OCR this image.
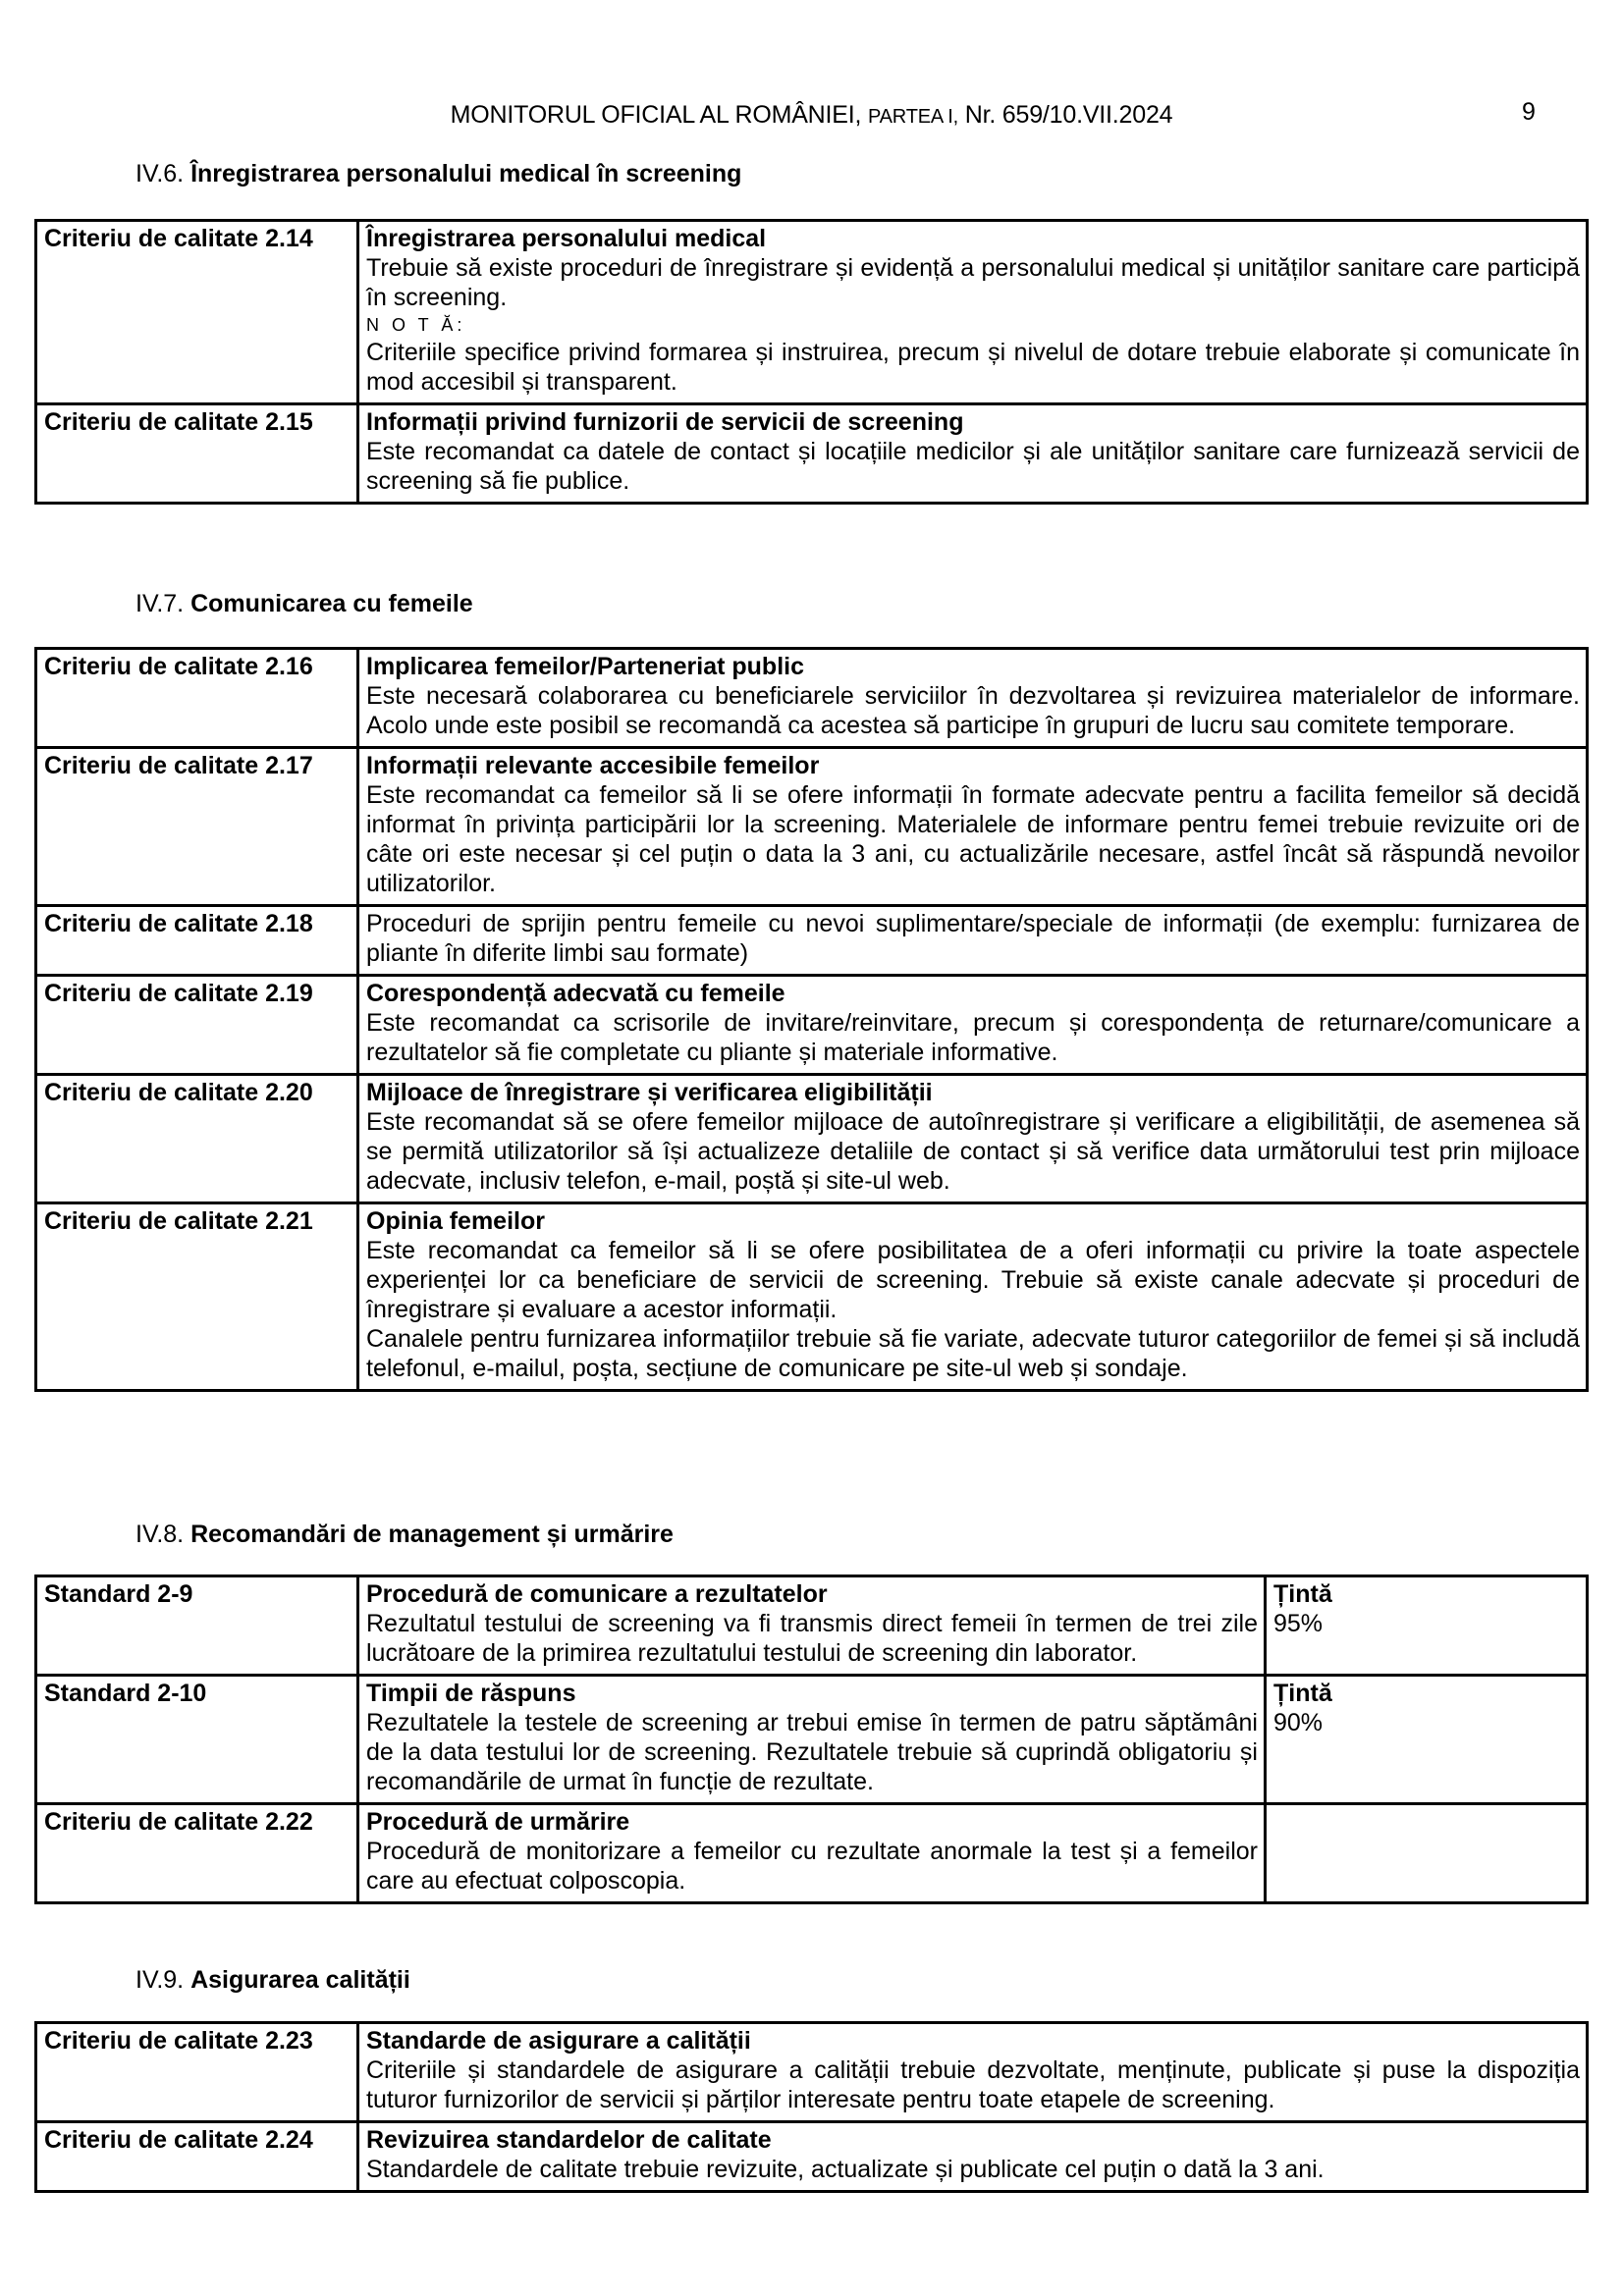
MONITORUL OFICIAL AL ROMÂNIEI, PARTEA I, Nr. 659/10.VII.2024	9
IV.6. Înregistrarea personalului medical în screening
Criteriu de calitate 2.14	Înregistrarea personalului medical
Trebuie să existe proceduri de înregistrare și evidență a personalului medical și unităților sanitare care participă în screening.
N O T Ă:
Criteriile specifice privind formarea și instruirea, precum și nivelul de dotare trebuie elaborate și comunicate în mod accesibil și transparent.

Criteriu de calitate 2.15	Informații privind furnizorii de servicii de screening
Este recomandat ca datele de contact și locațiile medicilor și ale unităților sanitare care furnizează servicii de screening să fie publice.
IV.7. Comunicarea cu femeile
Criteriu de calitate 2.16	Implicarea femeilor/Parteneriat public
Este necesară colaborarea cu beneficiarele serviciilor în dezvoltarea și revizuirea materialelor de informare. Acolo unde este posibil se recomandă ca acestea să participe în grupuri de lucru sau comitete temporare.

Criteriu de calitate 2.17	Informații relevante accesibile femeilor
Este recomandat ca femeilor să li se ofere informații în formate adecvate pentru a facilita femeilor să decidă informat în privința participării lor la screening. Materialele de informare pentru femei trebuie revizuite ori de câte ori este necesar și cel puțin o data la 3 ani, cu actualizările necesare, astfel încât să răspundă nevoilor utilizatorilor.

Criteriu de calitate 2.18	Proceduri de sprijin pentru femeile cu nevoi suplimentare/speciale de informații (de exemplu: furnizarea de pliante în diferite limbi sau formate)

Criteriu de calitate 2.19	Corespondență adecvată cu femeile
Este recomandat ca scrisorile de invitare/reinvitare, precum și corespondența de returnare/comunicare a rezultatelor să fie completate cu pliante și materiale informative.

Criteriu de calitate 2.20	Mijloace de înregistrare și verificarea eligibilității
Este recomandat să se ofere femeilor mijloace de autoînregistrare și verificare a eligibilității, de asemenea să se permită utilizatorilor să își actualizeze detaliile de contact și să verifice data următorului test prin mijloace adecvate, inclusiv telefon, e-mail, poștă și site-ul web.

Criteriu de calitate 2.21	Opinia femeilor
Este recomandat ca femeilor să li se ofere posibilitatea de a oferi informații cu privire la toate aspectele experienței lor ca beneficiare de servicii de screening. Trebuie să existe canale adecvate și proceduri de înregistrare și evaluare a acestor informații.
Canalele pentru furnizarea informațiilor trebuie să fie variate, adecvate tuturor categoriilor de femei și să includă telefonul, e-mailul, poșta, secțiune de comunicare pe site-ul web și sondaje.
IV.8. Recomandări de management și urmărire
Standard 2-9	Procedură de comunicare a rezultatelor
Rezultatul testului de screening va fi transmis direct femeii în termen de trei zile lucrătoare de la primirea rezultatului testului de screening din laborator.	Țintă
95%
Standard 2-10	Timpii de răspuns
Rezultatele la testele de screening ar trebui emise în termen de patru săptămâni de la data testului lor de screening. Rezultatele trebuie să cuprindă obligatoriu și recomandările de urmat în funcție de rezultate.	Țintă
90%
Criteriu de calitate 2.22	Procedură de urmărire
Procedură de monitorizare a femeilor cu rezultate anormale la test și a femeilor care au efectuat colposcopia.	

IV.9. Asigurarea calității
Criteriu de calitate 2.23	Standarde de asigurare a calității
Criteriile și standardele de asigurare a calității trebuie dezvoltate, menținute, publicate și puse la dispoziția tuturor furnizorilor de servicii și părților interesate pentru toate etapele de screening.

Criteriu de calitate 2.24	Revizuirea standardelor de calitate
Standardele de calitate trebuie revizuite, actualizate și publicate cel puțin o dată la 3 ani.
